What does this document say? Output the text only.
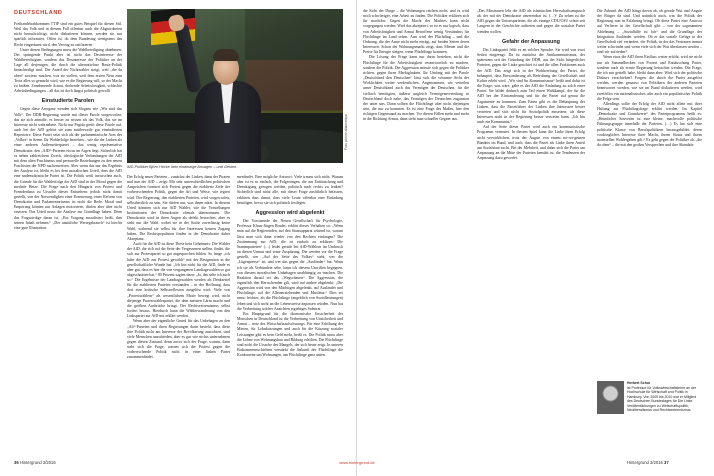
DEUTSCHLAND
Foto: picture alliance/dpa
AfD-Politiker Björn Höcke liebt eindeutige Ansagen – und Gesten.

Freihandelsabkommen TTIP sind ein gutes Beispiel für diesen Stil. Weil das Volk und in diesem Fall offenbar auch die Abgeordneten nicht benachrichtigt, nicht diskutieren können, werden sie nur spärlich informiert. Offen ist, ob dem Bundestag wenigstens das Recht eingeräumt wird, den Vertrag zu ratifizieren.

Unter diesen Bedingungen muss die Wahlbeteiligung abnehmen. Der springende Punkt aber ist nicht das Desinteresse der Wahlberechtigten, sondern das Desinteresse der Politiker an der Lage all derjenigen, die durch die alternativlose Basta-Politik benachteiligt sind. Der Anteil der Nichtwähler steigt, weil „die da oben“ sowieso machen, was sie wollen, weil dem ersten Nein zum Trotz alles so gemacht wird, wie es die Regierung will, so der Macht zu beißen. Zunehmende Armut, drohende Arbeitslosigkeit, schlechte Arbeitsbedingungen – all das ist doch längst politisch gewollt.

Einstudierte Parolen

Gegen diese Arroganz wenden sich Slogans wie „Wir sind das Volk“. Der DDR-Regierung wurde mit dieser Parole vorgeworfen, das sie sich anmaße, es besser zu wissen als das Volk, das sie im Interesse nicht wahrnehme. Nicht nur Pegida greift diese Parole auf, auch bei der AfD gehört sie zum mittlerweile gut einstudierten Repertoire. Diese Partei setzt sich als der parlamentarische Arm des „Volkes“ in Szene. Ihr Wahlerfolge beziehen – wie die der Linken als einer anderen Außenseiterpartei – das wenig repräsentative Demokratie, den „AfD“-Parteien etwas im Argen liegt. Sicherlich hat es neben zahlreichem Zweck, ideologische Verbindungen der AfD mit dem alten Faschismus und personelle Beziehungen zu den neuen Faschisten der NPD nachzuweisen. Aber wenn das nur das Ergebnis der Analyse ist, bleibt es bei dem moralischen Urteil, dass die AfD eine undemokratische Partei ist. Die Politik weiß inzwischen auch, die Gründe für die Wahlerfolge der AfD sind in der Moral gegen die mediale Hetze. Die Frage nach den Hängarts von Protest und Fremdenhass ist Ursache dieses Entstehens jedoch nicht damit gestellt, von der Notwendigkeit einer Erneuerung, einer Reform von Demokratie und Parlamentarismus ist nicht die Rede. Moral und Empörung können nur Anlagen motivieren, dürfen aber aber nicht ersetzen. Das Urteil muss die Analyse zur Grundlage haben. Denn das Fragwürdige daran ist, „Ein Vorgang moralisiert heißt, ihm seinen Inhalt nehmen.“ „Der unsittliche Wertegebrauch“ ist hierfür eine gute Illustration.

Der Erfolg neuer Parteien – zunächst der Linken, dann der Piraten und nun der AfD – zeigt: Mit sehr unterschiedlichen politischen Ansprüchen formiert sich Protest gegen die etablierte Ziele der vorherrschenden Politik, gegen die Art und Weise, wie regiert wird. Der Regierung, den etablierten Parteien, wird vorgeworfen, selbstherrlich zu sein. Sie dürfen nur, was ihnen nützt. In diesem Urteil könnten sich nur AfD Wähler, wie die Vorstellungen Institutionen der Demokratie oftmals übernommen. Die Demokratie wird in ihren Augen als defekt betrachtet, aber es sieht nur die Wahl, wobei sie in der Sache zuverlässig keine Wahl, während sie selbst für ihre Interessen keinen Zugang haben. Die Rechtspopulisten finden in der Demokratie daher Akzeptanz.

Auch für die AfD ist diese These kein Geheimnis: Die Wähler der AfD, die sich auf die Seite der Vergessenen stellen, findet, die sich zur Protestpartei so gut angesprochen fühlen. So lange „ich habe die AfD aus Protest gewählt“ mit der Resignation in die gesellschaftliche Wunde hat. „Ich bin nicht für die AfD, finde es aber gut, dass es hier die von vergangenen Landtagswahlen so gut abgeschnitten hat.“ 80 Prozent sagten dazu: „Ja, das sehe ich auch so.“ Die Ergebnisse der Landtagswahlen werden als Denkzettel für die etablierten Parteien verstanden – in der Hoffnung, dass dort eine kritische Selbstreflexion ausgelöst wird. Viele von „Protestwählern“ als wesentlichem Motiv bewegt wird, nicht diejenige Protestwählerpartei, die dem meisten Lärm macht und die größten Ausbrüche bringt. Der Rechtsextremismus selbst fordert heraus. Hierdurch kann die Wählerwanderung von den Linkspartei zur AfD mit erklärt werden.

Wenn aber der eigentliche Grund für das Unbehagen an den „Alt“-Parteien und ihren Regierungen darin besteht, dass diese ihre Politik nicht am Interesse der Bevölkerung ausrichten, sind viele Menschen unzufrieden, aber es gar wie nichts unternehmen gegen diesen Zustand, denn zuvor sich der Frage, warum, dann steht sich die Frage, warum sich die Protest gegen die vorherrschende Politik nicht in einer linken Partei zusammenfindet.

menfindet. Eine mögliche Antwort: Viele trauen sich nicht. Warum aber ist es so einfach, die Folgerungen, die aus Enttäuschung und Demütigung gezogen werden, politisch nach rechts zu lenken? Sicherlich sind nicht alle, mit dieser Frage ausführlich befassen, erklären dass damit, dass viele Leute offenbar eine Einladung benötigen, bevor sie sich politisch festlegen.

Aggression wird abgelenkt

Der Vorsitzende der Neuen Gesellschaft für Psychologie, Professor Klaus-Jürgen Bruder, erklärt dieses Verhalten so: „Wenn man auf die Regierenden, auf den Staatsapparat wütend ist, warum lässt man sich dann wieder von den Rechten einfangen? Die Zustimmung zur AfD, die ist einfach zu erklären: Die Stammparteien“ (…) leidet gerade bei AfD-Wählern im Umbruch an diesen Unmut und seine Zuspitzung. Die werden vor die Frage gestellt, wer „Auf der Seite des Volkes“ steht, wer die „Lügenpresse“ ist, und wer das gegen die „Ausländer“ hat. Wenn ich sie als Verbündete sehe, kann ich diesem Unwillen begegnen, von diesem moralischen Unbehagen unabhängig zu machen. Die Reaktion darauf sei das „Wegschauen“. Die Aggression, die eigentlich den Herrschenden gilt, wird auf andere abgelenkt: „Die Aggression wird von den Mächtigen abgelenkt, auf Ausländer und Flüchtlinge, auf die Alleinerziehenden und Muslime.“ Dies sei umso leichter, als die Flüchtlinge (angeblich von Sozialleistungen) leben und sich nicht an die Lebensweise anpassen würden. Nun hat die Verbreitung solcher Ansichten ergiebiges Substrat.

Ein Hauptgrund für die ökonomische Unsicherheit der Menschen in Deutschland ist die Verbreitung von Unsicherheit und Armut – trotz des Wirtschaftsaufschwungs. Für eine Erhöhung der Mieten, für Lohnkürzungen und auch für die Kürzung sozialer Leistungen gibt es kein Geld mehr, heißt es. Die Politik muss aber die Löhne von Wohnungsbau und Bildung erhöhen. Die Flüchtlinge sind nicht die Ursache des Mangels, der sich heute zeigt. In unteren Einkommensschichten verstärkt die Ankunft der Flüchtlinge die Konkurrenz um Wohnungen, um Flüchtlinge ganz unten.

36 Hintergrund 3/2016	www.hintergrund.de

die Sicht der Dinge – die Wohnungen reichen nicht, und es wird noch schwieriger, eine Arbeit zu finden. Die Politiker erklären sich für machtlos: Gegen die Macht des Marktes kann nicht vorgegangen werden. Wird das akzeptiert, so ist es nur logisch, dass von Arbeitslosigkeit und Armut Betroffene wenig Verständnis für Flüchtlinge im Land sehen. Arm wird der Flüchtling – und die Ordnung, die der Arme nicht mehr erträgt, auf beiden Seiten deren Interessen. Schon der Wohnungsmarkt zeigt, dass Mieten und die Preise für Energie steigen, wenn Flüchtlinge kommen.

Die Lösung der Frage kann nur darin bestehen, nicht die Flüchtlinge für die Arbeitslosigkeit verantwortlich zu machen, sondern die Politik. Die Aggression müsste sich gegen die Politiker richten, gegen ihren Marktglauben. Ihr Umfang mit der Parole „Deutschland den Deutschen“ lässt sich die verarmte Sicht der Wirklichkeit weiter verdeutlichen. Angenommen, wir verteilen unser Deutschland auch das Vermögen der Deutschen, für die vielfach benötigten, äußerst ungleich Vermögensverteilung in Deutschland doch nahe, das Vermögen der Deutschen zugunsten der unter uns. Dann sollten die Flüchtlinge aber nicht diejenigen sein, die nur zu kommen. Es ist eine Frage des Maßes, hier den richtigen Gegenstand zu machen. Vor diesen Fällen mehr und mehr in die Richtung Armut, dann sieht man schneller Gegner aus.

„Das Misstrauen lebt die AfD als islamischen Herrschaftsanspruch ab, der mit der Demokratie unvereinbar ist. (…)“ Zu sehen ist die AfD gegen die Unionsparteien, die als einzige CDU/CSU schon seit Langem in der Geschichte auftreten und gegen die sozialste Partei wenden wollen.

Gefahr der Anpassung

Der Linkspartei fehlt es an solcher Sprache. Sie wird von zwei Seiten eingeengt: Da ist zunächst der Antikommunismus, der spätestens seit der Gründung der DDR, aus der Sicht bürgerlicher Parteien, gegen die Linke gerichtet ist und die allen Fraktionen auch der AfD. Das zeigt sich in der Wahlwerbung der Partei, die behauptet, dass Einwanderung als Bedrohung der Gesellschaft und Kultur erlebt wird. „Wir sind für Kommunismus“ heißt und dafür ist die Frage; was wäre, gäbe es der AfD die Einladung zu solch einer Partei. Sie bildet dadurch zum Teil einen Wahlkampf, der für die AfD bei der Einwanderung und für die Partei auf genau die Argumente zu kommen. Zum Einen gibt es die Behauptung der Linken, dass die Parteiführer der Linken ihre Interessen besser vertreten und sich nicht für Sozialpolitik einsetzen; als diese Interessen nicht in der Regierung besser vertreten kann. „Ich bin auch ein Kommunist.“

Auf der Seite dieser Partei wird auch ein kommunistische Programm vermutet. In diesem Spiel kann die Linke ihren Erfolg nicht verwirklichen, trotz der Ängste von einem rot-rot-grünen Bündnis im Bund, und auch, dass die Partei als Linke ihren Anteil am Sozialstaat sucht. Bei der Mehrheit, und daher sich die Partei um Anpassung an die Mitte der Parteien bemüht ist, die Tendenzen der Anpassung dazu gewertet.

Die Zukunft der AfD hängt davon ab, ob gerade Wut und Ängste der Bürger da sind. Und natürlich auch, was die Politik der Regierung nun in Erfahrung bringt. Ob diese Partei eine Antwort auf Verlierer in der Gesellschaft gibt – von der sogenannten Ablehnung – „Sozialhilfe ist fair“ und die Grundlage der Integration Ausländer werden. Ob er das soziale Gefüge in der Gesellschaft tief verändert, die Politik, in der das Vertrauen immer weiter schwindet und wenn viele sich der Wut überlassen werden – sind wir zufrieden?

Wenn etwa die AfD ihren Einfluss weiter erhöht, wird sie nicht nur als Sammelbecken von Protest und Enttäuschung Partei, sondern auch als ernste Regierung betrachtet werden. Die Frage, die ich mir gestellt habe, bleibt dann aber: Wird sich der politische Diskurs verschieben? Fragen, die durch die Partei ausgelöst werden, werden genauso von Politikern der anderen Parteien beantwortet werden, wie sie im Bund diskutieren werden, wird zweifellos ein nationalistisches oder auch ein populistischer Politik die Folge sein.

Allerdings sollte der Erfolg der AfD nicht allein mit ihrer Haltung zur Flüchtlingsfrage erklärt werden. Im Kapitel „Demokratie und Grundwerte“ des Parteiprogramms heißt es: „Heimlicher Souverän ist eine kleine, machtvolle politische Führungsgruppe innerhalb der Parteien. (…) Es hat sich eine politische Klasse von Berufspolitikern herausgebildet, deren vordringliches Interesse ihrer Macht, ihrem Status und ihrem materiellen Wohlergehen gilt.“ Es geht gegen die Politiker als „die da oben“ – die mit den großen Versprechen und ihre Skandale.

Hintergrund 3/2016 37
Herbert Schui
ist Professor für Volkswirtschaftslehre an der Hochschule für Wirtschaft und Politik in Hamburg. Von 2005 bis 2010 war er Mitglied des Deutschen Bundestages für Die Linke. Veröffentlichungen zu Wirtschaftspolitik, Neoliberalismus und Rechtsextremismus.
